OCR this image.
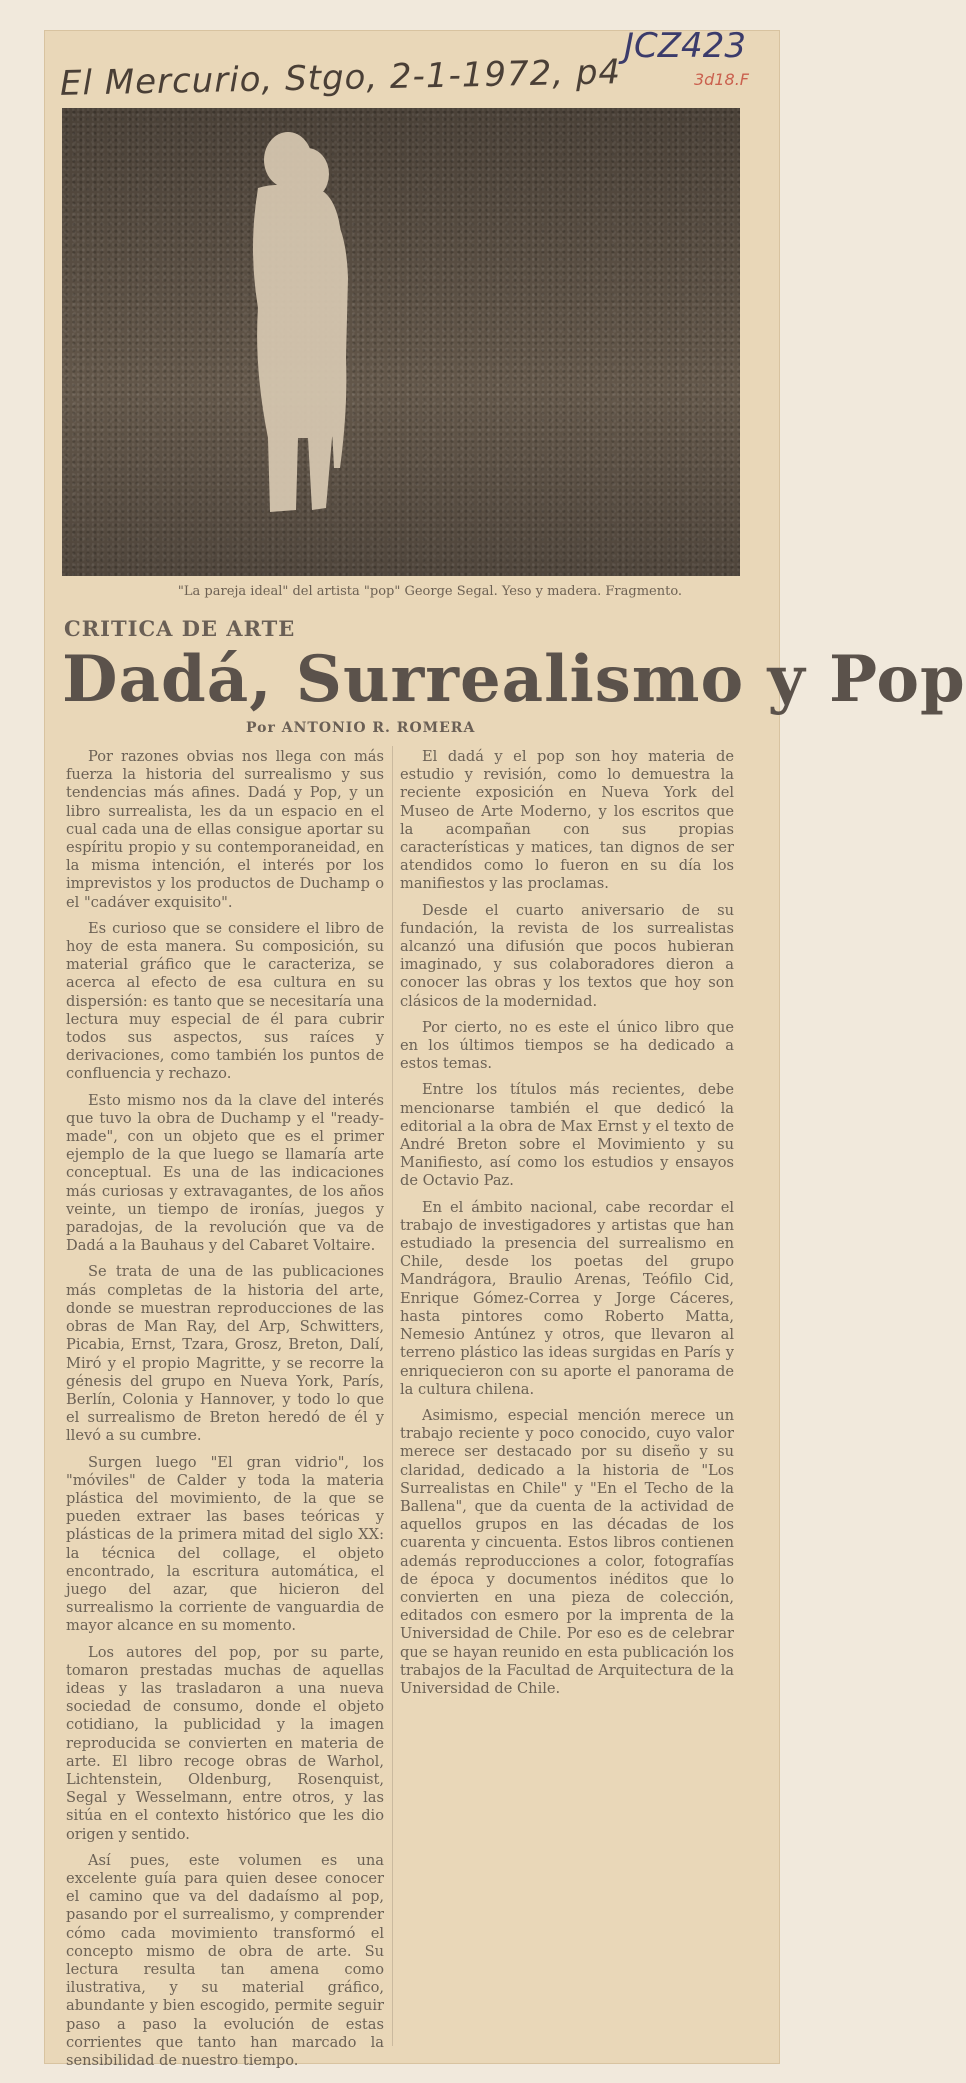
El Mercurio, Stgo, 2-1-1972, p4
JCZ423
3d18.F
"La pareja ideal" del artista "pop" George Segal. Yeso y madera. Fragmento.
CRITICA DE ARTE
Dadá, Surrealismo y Pop
Por ANTONIO R. ROMERA

Por razones obvias nos llega con más fuerza la historia del surrealismo y sus tendencias más afines. Dadá y Pop, y un libro surrealista, les da un espacio en el cual cada una de ellas consigue aportar su espíritu propio y su contemporaneidad, en la misma intención, el interés por los imprevistos y los productos de Duchamp o el "cadáver exquisito".

Es curioso que se considere el libro de hoy de esta manera. Su composición, su material gráfico que le caracteriza, se acerca al efecto de esa cultura en su dispersión: es tanto que se necesitaría una lectura muy especial de él para cubrir todos sus aspectos, sus raíces y derivaciones, como también los puntos de confluencia y rechazo.

Esto mismo nos da la clave del interés que tuvo la obra de Duchamp y el "ready-made", con un objeto que es el primer ejemplo de la que luego se llamaría arte conceptual. Es una de las indicaciones más curiosas y extravagantes, de los años veinte, un tiempo de ironías, juegos y paradojas, de la revolución que va de Dadá a la Bauhaus y del Cabaret Voltaire.

Se trata de una de las publicaciones más completas de la historia del arte, donde se muestran reproducciones de las obras de Man Ray, del Arp, Schwitters, Picabia, Ernst, Tzara, Grosz, Breton, Dalí, Miró y el propio Magritte, y se recorre la génesis del grupo en Nueva York, París, Berlín, Colonia y Hannover, y todo lo que el surrealismo de Breton heredó de él y llevó a su cumbre.

Surgen luego "El gran vidrio", los "móviles" de Calder y toda la materia plástica del movimiento, de la que se pueden extraer las bases teóricas y plásticas de la primera mitad del siglo XX: la técnica del collage, el objeto encontrado, la escritura automática, el juego del azar, que hicieron del surrealismo la corriente de vanguardia de mayor alcance en su momento.

Los autores del pop, por su parte, tomaron prestadas muchas de aquellas ideas y las trasladaron a una nueva sociedad de consumo, donde el objeto cotidiano, la publicidad y la imagen reproducida se convierten en materia de arte. El libro recoge obras de Warhol, Lichtenstein, Oldenburg, Rosenquist, Segal y Wesselmann, entre otros, y las sitúa en el contexto histórico que les dio origen y sentido.

Así pues, este volumen es una excelente guía para quien desee conocer el camino que va del dadaísmo al pop, pasando por el surrealismo, y comprender cómo cada movimiento transformó el concepto mismo de obra de arte. Su lectura resulta tan amena como ilustrativa, y su material gráfico, abundante y bien escogido, permite seguir paso a paso la evolución de estas corrientes que tanto han marcado la sensibilidad de nuestro tiempo.

El dadá y el pop son hoy materia de estudio y revisión, como lo demuestra la reciente exposición en Nueva York del Museo de Arte Moderno, y los escritos que la acompañan con sus propias características y matices, tan dignos de ser atendidos como lo fueron en su día los manifiestos y las proclamas.

Desde el cuarto aniversario de su fundación, la revista de los surrealistas alcanzó una difusión que pocos hubieran imaginado, y sus colaboradores dieron a conocer las obras y los textos que hoy son clásicos de la modernidad.

Por cierto, no es este el único libro que en los últimos tiempos se ha dedicado a estos temas.

Entre los títulos más recientes, debe mencionarse también el que dedicó la editorial a la obra de Max Ernst y el texto de André Breton sobre el Movimiento y su Manifiesto, así como los estudios y ensayos de Octavio Paz.

En el ámbito nacional, cabe recordar el trabajo de investigadores y artistas que han estudiado la presencia del surrealismo en Chile, desde los poetas del grupo Mandrágora, Braulio Arenas, Teófilo Cid, Enrique Gómez-Correa y Jorge Cáceres, hasta pintores como Roberto Matta, Nemesio Antúnez y otros, que llevaron al terreno plástico las ideas surgidas en París y enriquecieron con su aporte el panorama de la cultura chilena.

Asimismo, especial mención merece un trabajo reciente y poco conocido, cuyo valor merece ser destacado por su diseño y su claridad, dedicado a la historia de "Los Surrealistas en Chile" y "En el Techo de la Ballena", que da cuenta de la actividad de aquellos grupos en las décadas de los cuarenta y cincuenta. Estos libros contienen además reproducciones a color, fotografías de época y documentos inéditos que lo convierten en una pieza de colección, editados con esmero por la imprenta de la Universidad de Chile. Por eso es de celebrar que se hayan reunido en esta publicación los trabajos de la Facultad de Arquitectura de la Universidad de Chile.
